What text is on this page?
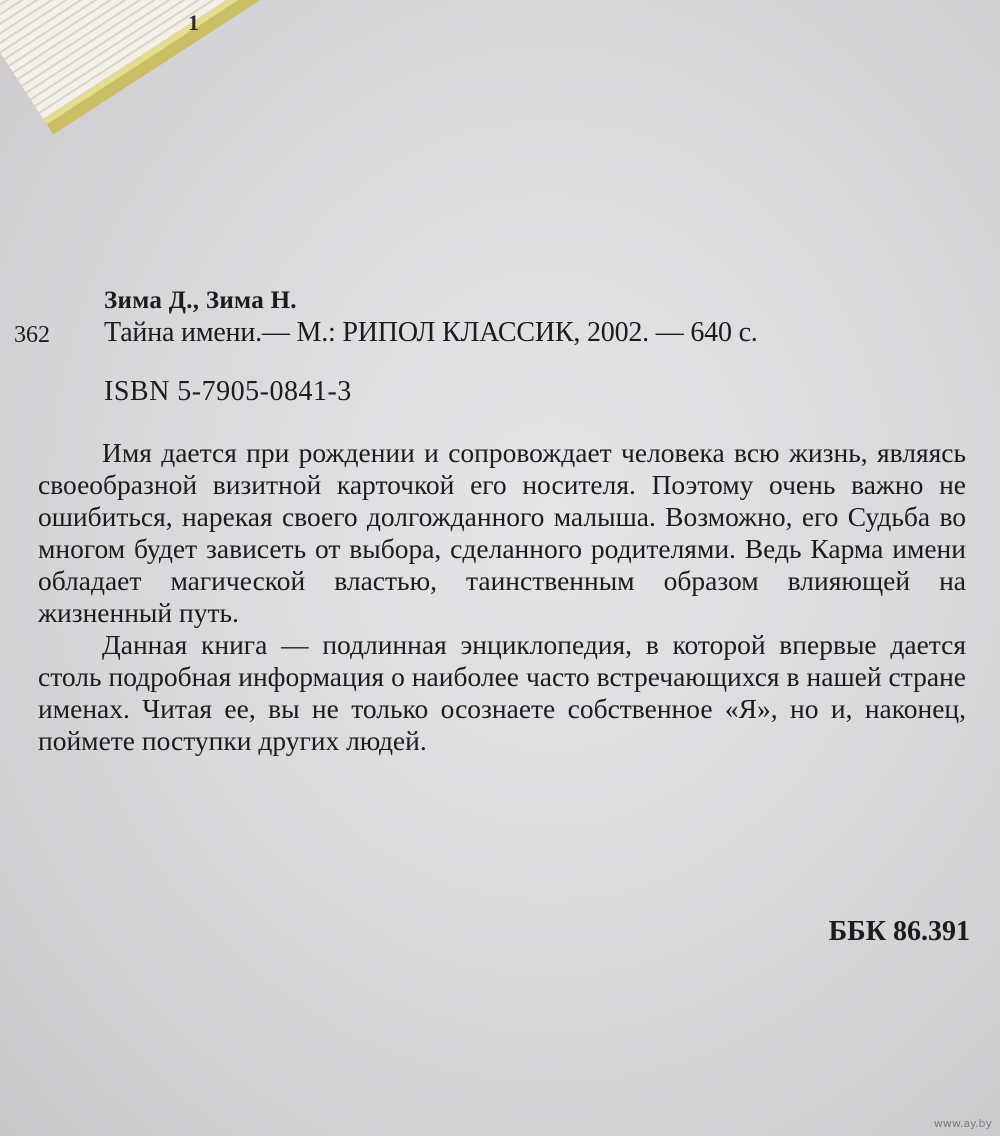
1
Зима Д., Зима Н.
362 Тайна имени.— М.: РИПОЛ КЛАССИК, 2002. — 640 с.
ISBN 5-7905-0841-3

Имя дается при рождении и сопровождает человека всю жизнь, являясь своеобразной визитной карточкой его носителя. Поэтому очень важно не ошибиться, нарекая своего долгожданного малыша. Возможно, его Судьба во многом будет зависеть от выбора, сделанного родителями. Ведь Карма имени обладает магической властью, таинственным образом влияющей на жизненный путь.

Данная книга — подлинная энциклопедия, в которой впервые дается столь подробная информация о наиболее часто встречающихся в нашей стране именах. Читая ее, вы не только осознаете собственное «Я», но и, наконец, поймете поступки других людей.

ББК 86.391
www.ay.by
